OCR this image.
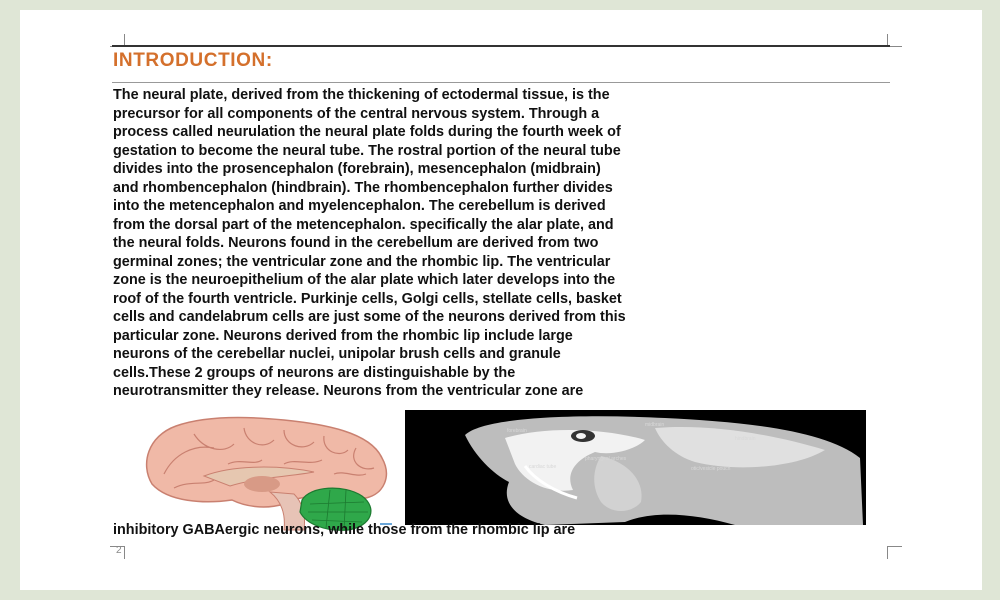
INTRODUCTION:

The neural plate, derived from the thickening of ectodermal tissue, is the
precursor for all components of the central nervous system. Through a
process called neurulation the neural plate folds during the fourth week of
gestation to become the neural tube. The rostral portion of the neural tube
divides into the prosencephalon (forebrain), mesencephalon (midbrain)
and rhombencephalon (hindbrain). The rhombencephalon further divides
into the metencephalon and myelencephalon. The cerebellum is derived
from the dorsal part of the metencephalon. specifically the alar plate, and
the neural folds. Neurons found in the cerebellum are derived from two
germinal zones; the ventricular zone and the rhombic lip. The ventricular
zone is the neuroepithelium of the alar plate which later develops into the
roof of the fourth ventricle. Purkinje cells, Golgi cells, stellate cells, basket
cells and candelabrum cells are just some of the neurons derived from this
particular zone. Neurons derived from the rhombic lip include large
neurons of the cerebellar nuclei, unipolar brush cells and granule
cells.These 2 groups of neurons are distinguishable by the
neurotransmitter they release. Neurons from the ventricular zone are

forebrain
midbrain
hindbrain
pharyngeal arches
cardiac tube	otic/vesicle pouch

inhibitory GABAergic neurons, while those from the rhombic lip are

2
